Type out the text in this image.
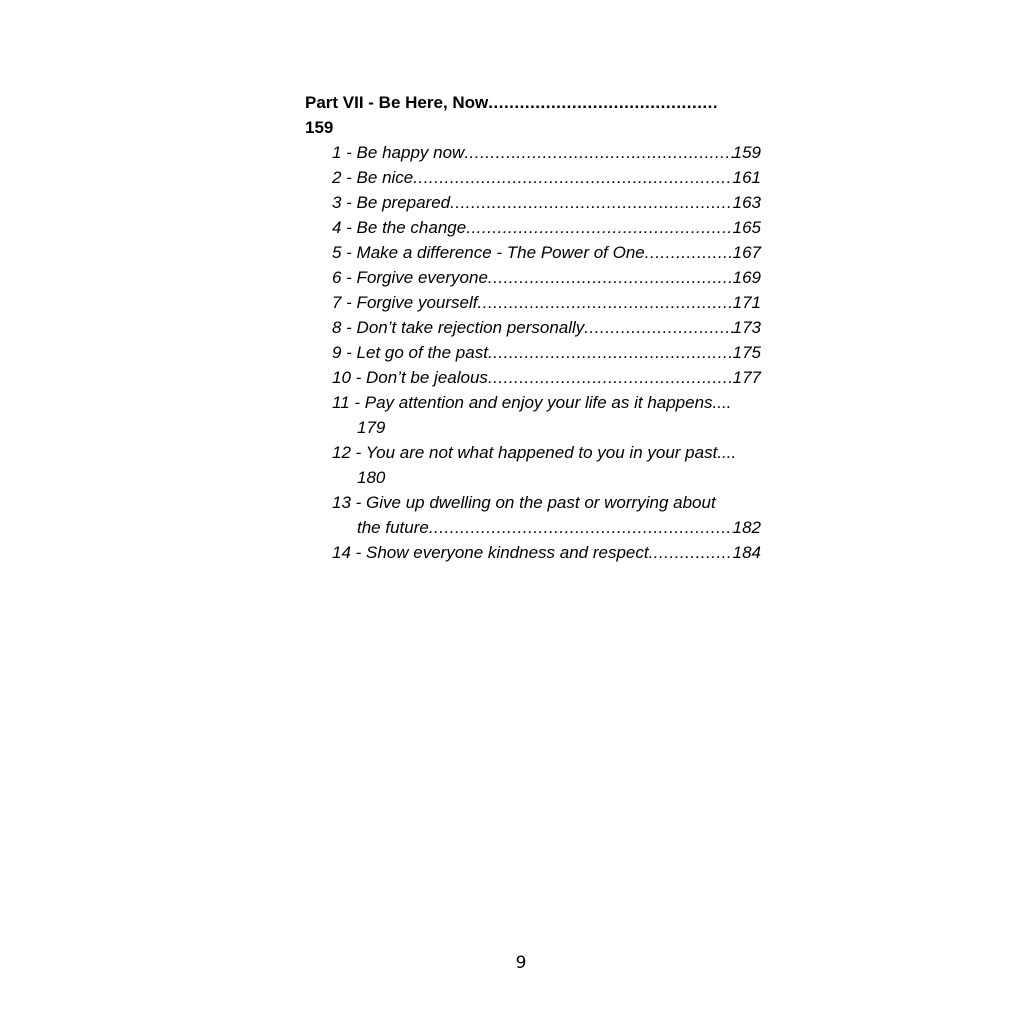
Part VII - Be Here, Now
.....
159
1 - Be happy now .....	159
2 - Be nice .....	161
3 - Be prepared .....	163
4 - Be the change .....	165
5 - Make a difference - The Power of One .....	167
6 - Forgive everyone .....	169
7 - Forgive yourself .....	171
8 - Don’t take rejection personally .....	173
9 - Let go of the past .....	175
10 - Don’t be jealous .....	177
11 - Pay attention and enjoy your life as it happens ....
179
12 - You are not what happened to you in your past ....
180
13 - Give up dwelling on the past or worrying about
the future .....	182
14 - Show everyone kindness and respect .....	184
9
